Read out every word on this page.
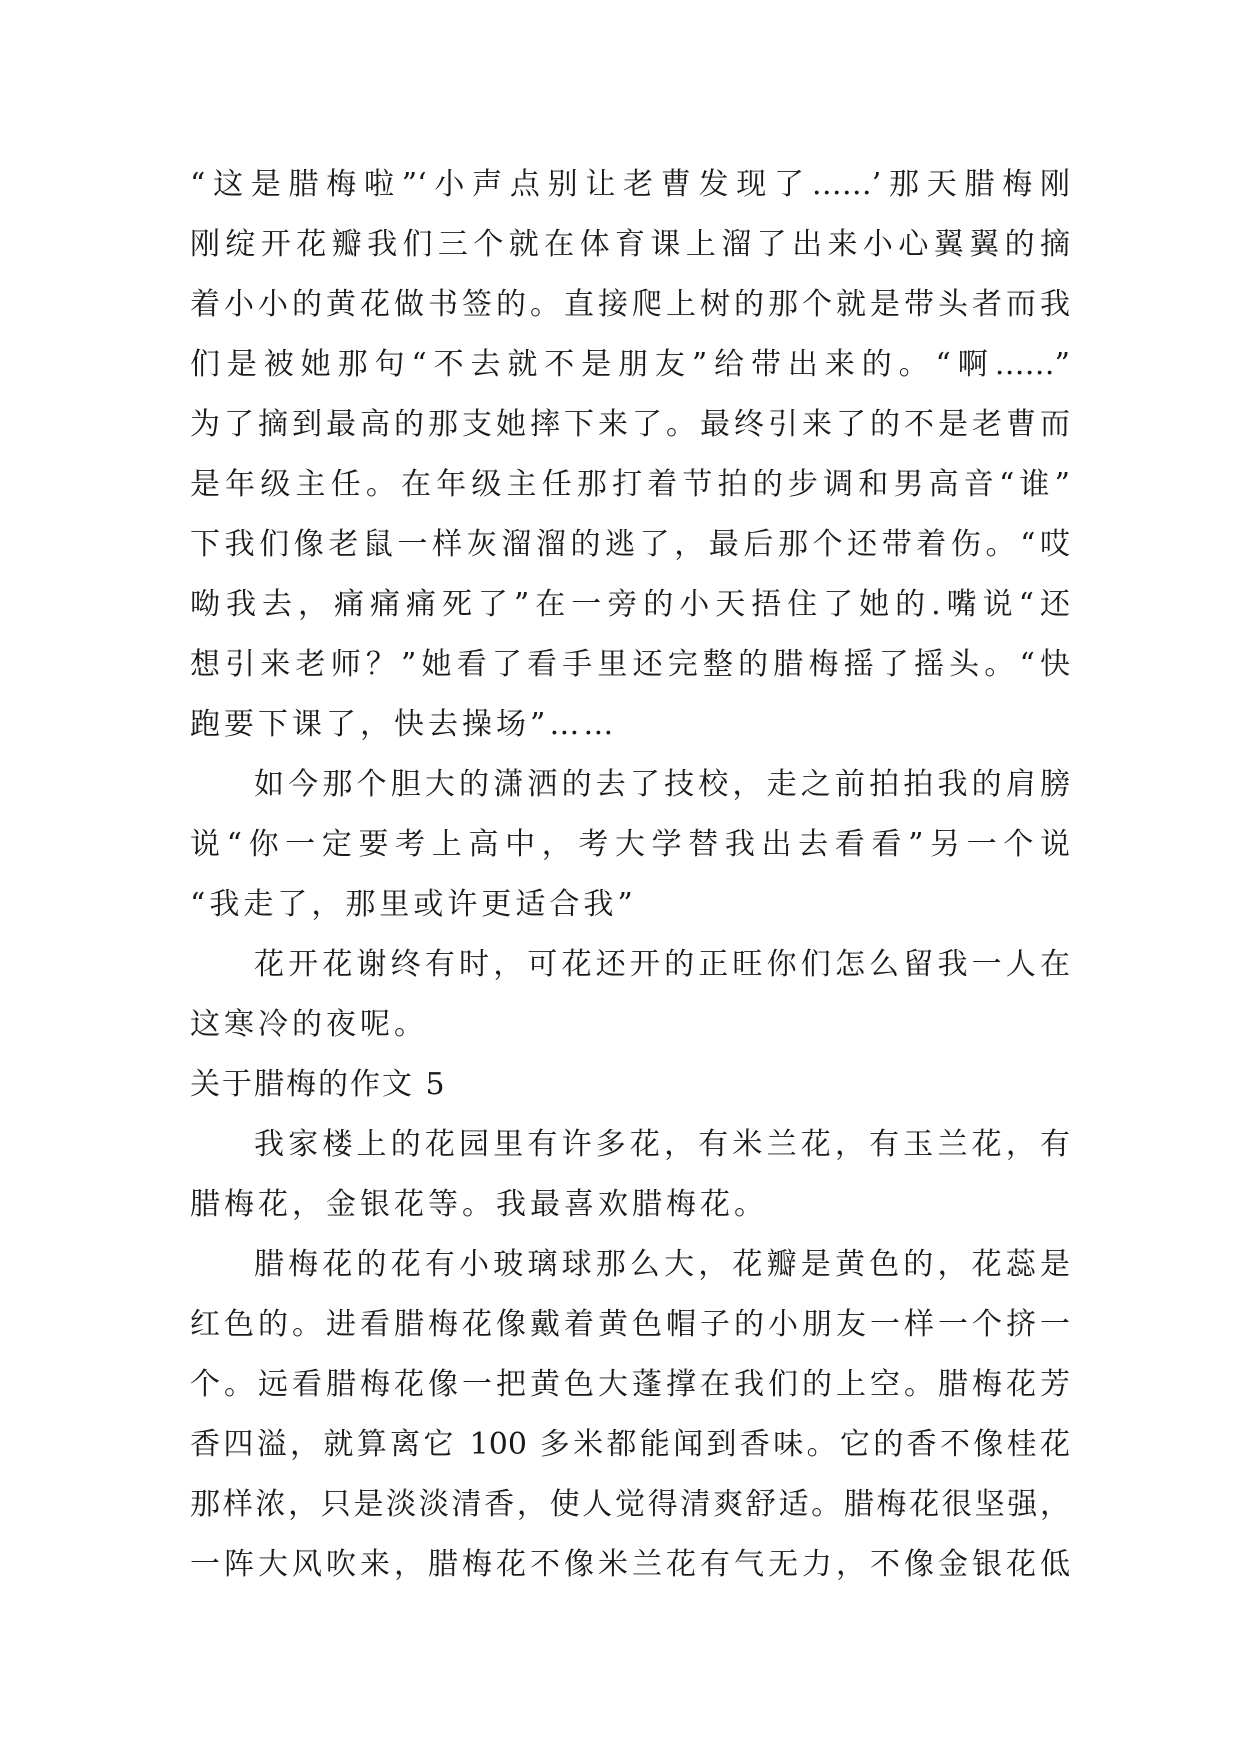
“这是腊梅啦”‘小声点别让老曹发现了……’那天腊梅刚
刚绽开花瓣我们三个就在体育课上溜了出来小心翼翼的摘
着小小的黄花做书签的。直接爬上树的那个就是带头者而我
们是被她那句“不去就不是朋友”给带出来的。“啊……”
为了摘到最高的那支她摔下来了。最终引来了的不是老曹而
是年级主任。在年级主任那打着节拍的步调和男高音“谁”
下我们像老鼠一样灰溜溜的逃了，最后那个还带着伤。“哎
呦我去，痛痛痛死了”在一旁的小天捂住了她的.嘴说“还
想引来老师？”她看了看手里还完整的腊梅摇了摇头。“快
跑要下课了，快去操场”……
如今那个胆大的潇洒的去了技校，走之前拍拍我的肩膀
说“你一定要考上高中，考大学替我出去看看”另一个说
“我走了，那里或许更适合我”
花开花谢终有时，可花还开的正旺你们怎么留我一人在
这寒冷的夜呢。
关于腊梅的作文 5
我家楼上的花园里有许多花，有米兰花，有玉兰花，有
腊梅花，金银花等。我最喜欢腊梅花。
腊梅花的花有小玻璃球那么大，花瓣是黄色的，花蕊是
红色的。进看腊梅花像戴着黄色帽子的小朋友一样一个挤一
个。远看腊梅花像一把黄色大蓬撑在我们的上空。腊梅花芳
香四溢，就算离它 100 多米都能闻到香味。它的香不像桂花
那样浓，只是淡淡清香，使人觉得清爽舒适。腊梅花很坚强，
一阵大风吹来，腊梅花不像米兰花有气无力，不像金银花低
